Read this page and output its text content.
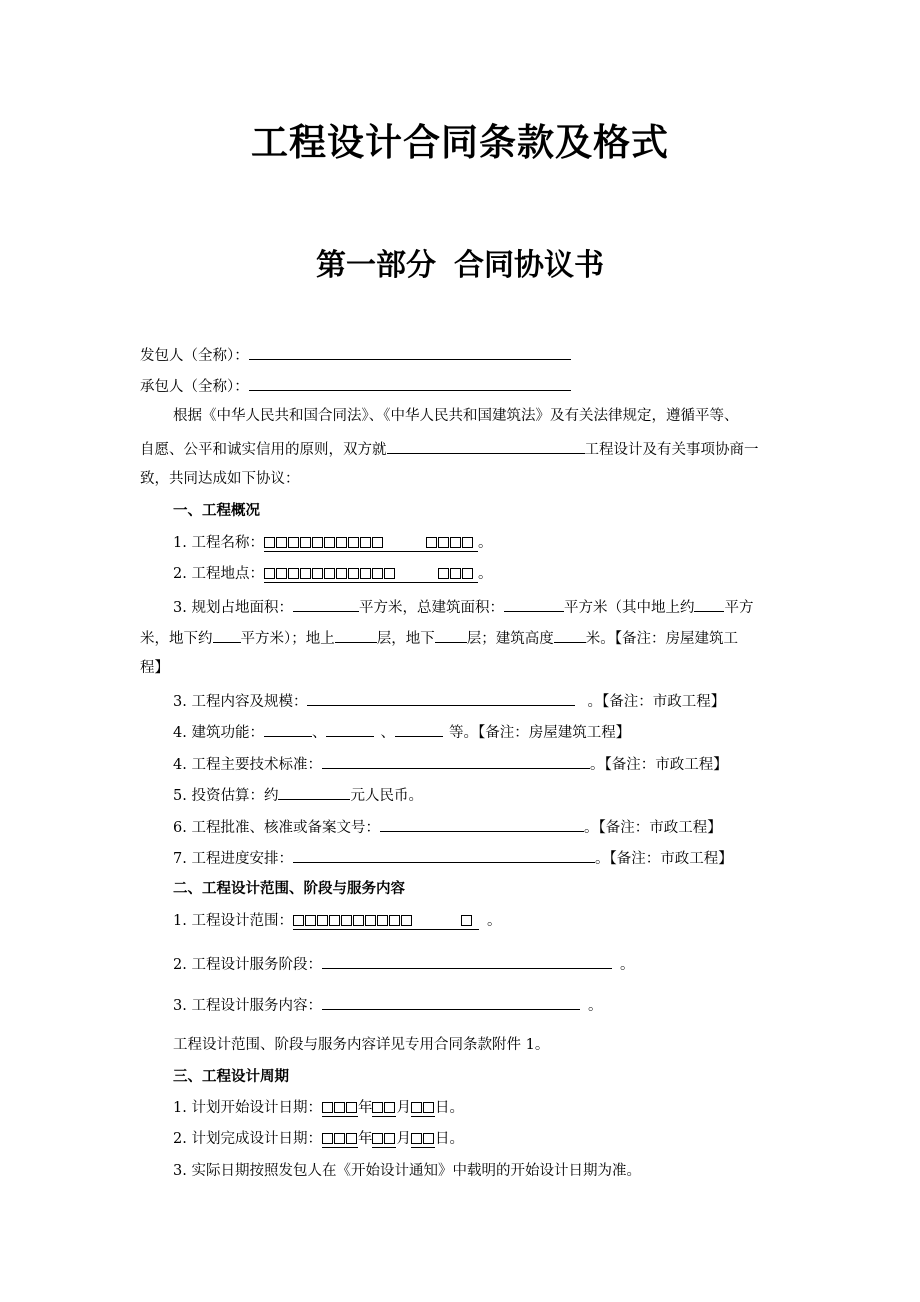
工程设计合同条款及格式
第一部分 合同协议书
发包人（全称）：
承包人（全称）：
根据《中华人民共和国合同法》、《中华人民共和国建筑法》及有关法律规定，遵循平等、
自愿、公平和诚实信用的原则，双方就	工程设计及有关事项协商一
致，共同达成如下协议：
一、工程概况
1. 工程名称：	。
2. 工程地点：	。
3. 规划占地面积：	平方米，总建筑面积：	平方米（其中地上约 平方
米，地下约 平方米）；地上	层，地下 层；建筑高度 米。【备注：房屋建筑工
程】
3. 工程内容及规模：	。【备注：市政工程】
4. 建筑功能：	、	、	等。【备注：房屋建筑工程】
4. 工程主要技术标准：	。【备注：市政工程】
5. 投资估算：约	元人民币。
6. 工程批准、核准或备案文号：	。【备注：市政工程】
7. 工程进度安排：	。【备注：市政工程】
二、工程设计范围、阶段与服务内容
1. 工程设计范围：	。
2. 工程设计服务阶段：	。
3. 工程设计服务内容：	。
工程设计范围、阶段与服务内容详见专用合同条款附件 1。
三、工程设计周期
1. 计划开始设计日期： 年 月 日。
2. 计划完成设计日期： 年 月 日。
3. 实际日期按照发包人在《开始设计通知》中载明的开始设计日期为准。
